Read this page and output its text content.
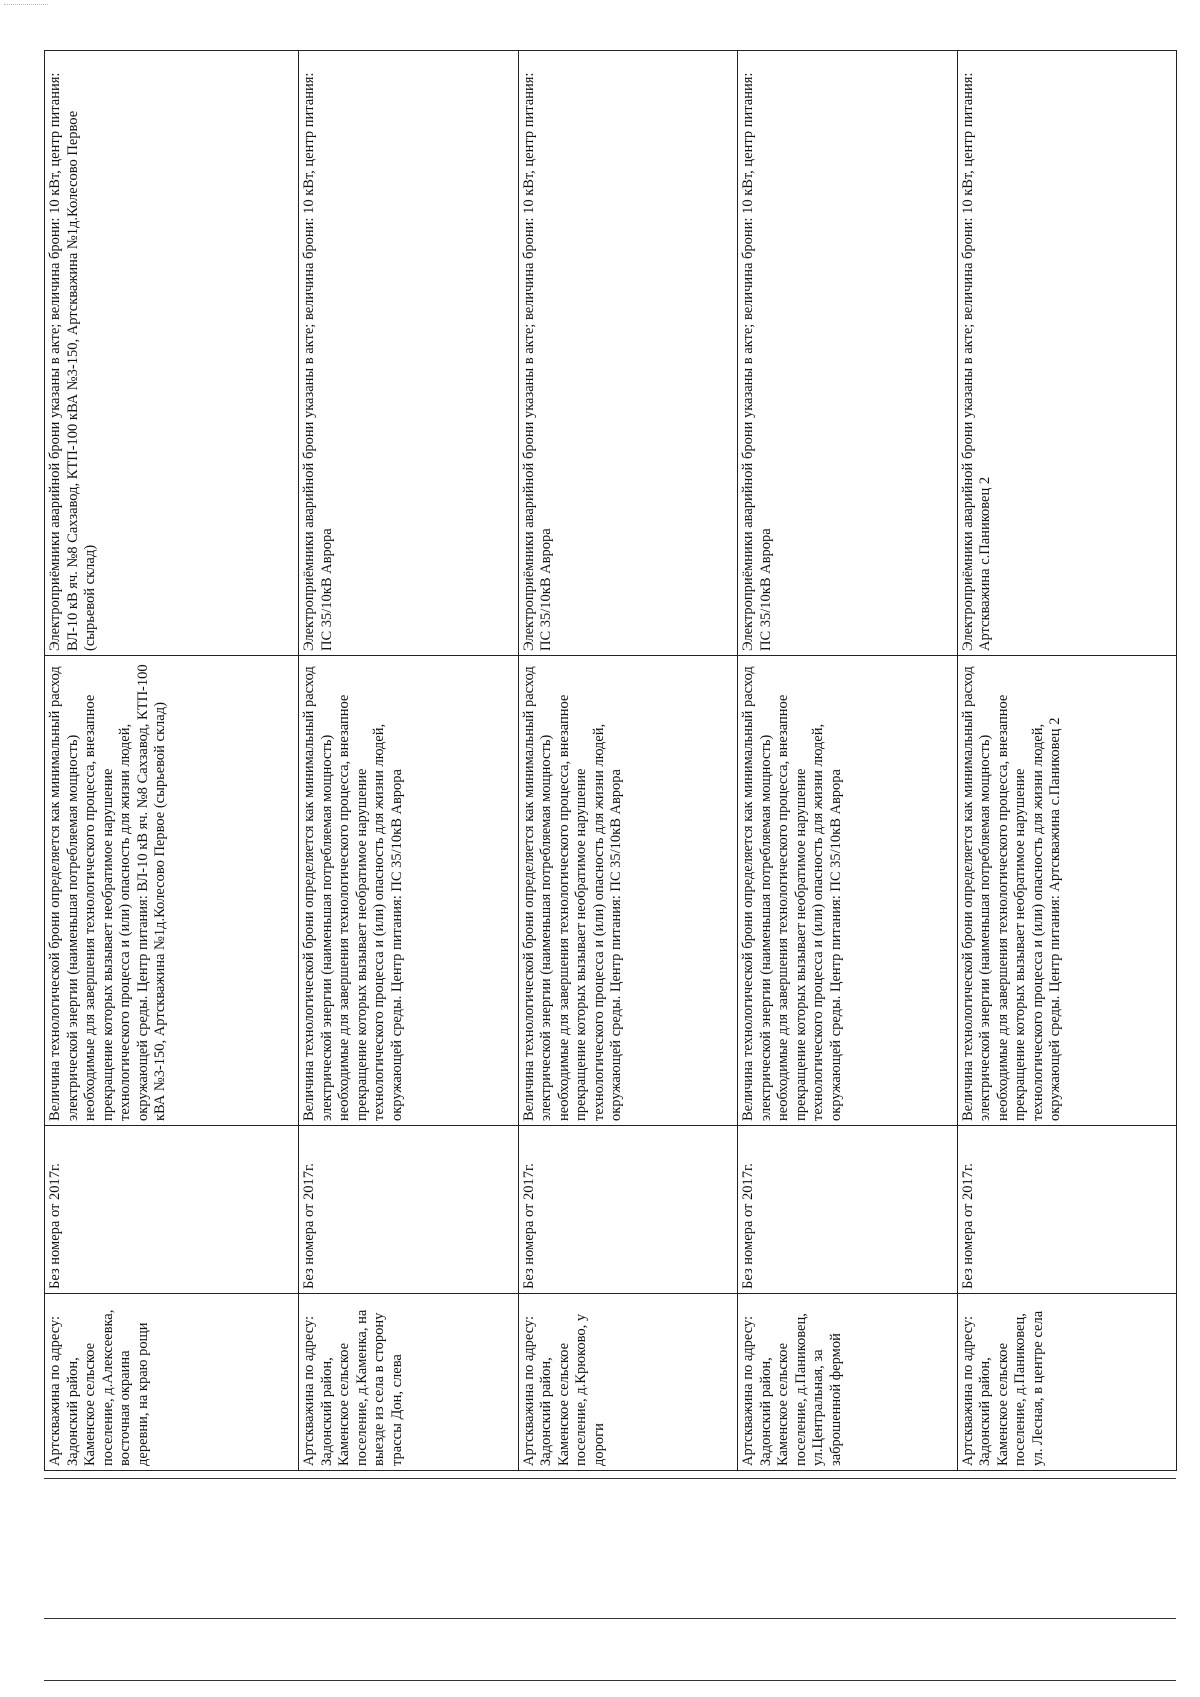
Артскважина по адресу: Задонский район, Каменское сельское поселение, д.Алексеевка, восточная окраина деревни, на краю рощи	Без номера от 2017г.	Величина технологической брони определяется как минимальный расход электрической энергии (наименьшая потребляемая мощность) необходимые для завершения технологического процесса, внезапное прекращение которых вызывает необратимое нарушение технологического процесса и (или) опасность для жизни людей, окружающей среды. Центр питания: ВЛ-10 кВ яч. №8 Сахзавод, КТП-100 кВА №3-150, Артскважина №1д.Колесово Первое (сырьевой склад)	Электроприёмники аварийной брони указаны в акте; величина брони: 10 кВт, центр питания: ВЛ-10 кВ яч. №8 Сахзавод, КТП-100 кВА №3-150, Артскважина №1д.Колесово Первое (сырьевой склад)
Артскважина по адресу: Задонский район, Каменское сельское поселение, д.Каменка, на выезде из села в сторону трассы Дон, слева	Без номера от 2017г.	Величина технологической брони определяется как минимальный расход электрической энергии (наименьшая потребляемая мощность) необходимые для завершения технологического процесса, внезапное прекращение которых вызывает необратимое нарушение технологического процесса и (или) опасность для жизни людей, окружающей среды. Центр питания: ПС 35/10кВ Аврора	Электроприёмники аварийной брони указаны в акте; величина брони: 10 кВт, центр питания: ПС 35/10кВ Аврора
Артскважина по адресу: Задонский район, Каменское сельское поселение, д.Крюково, у дороги	Без номера от 2017г.	Величина технологической брони определяется как минимальный расход электрической энергии (наименьшая потребляемая мощность) необходимые для завершения технологического процесса, внезапное прекращение которых вызывает необратимое нарушение технологического процесса и (или) опасность для жизни людей, окружающей среды. Центр питания: ПС 35/10кВ Аврора	Электроприёмники аварийной брони указаны в акте; величина брони: 10 кВт, центр питания: ПС 35/10кВ Аврора
Артскважина по адресу: Задонский район, Каменское сельское поселение, д.Паниковец, ул.Центральная, за заброшенной фермой	Без номера от 2017г.	Величина технологической брони определяется как минимальный расход электрической энергии (наименьшая потребляемая мощность) необходимые для завершения технологического процесса, внезапное прекращение которых вызывает необратимое нарушение технологического процесса и (или) опасность для жизни людей, окружающей среды. Центр питания: ПС 35/10кВ Аврора	Электроприёмники аварийной брони указаны в акте; величина брони: 10 кВт, центр питания: ПС 35/10кВ Аврора
Артскважина по адресу: Задонский район, Каменское сельское поселение, д.Паниковец, ул. Лесная, в центре села	Без номера от 2017г.	Величина технологической брони определяется как минимальный расход электрической энергии (наименьшая потребляемая мощность) необходимые для завершения технологического процесса, внезапное прекращение которых вызывает необратимое нарушение технологического процесса и (или) опасность для жизни людей, окружающей среды. Центр питания: Артскважина с.Паниковец 2	Электроприёмники аварийной брони указаны в акте; величина брони: 10 кВт, центр питания: Артскважина с.Паниковец 2
